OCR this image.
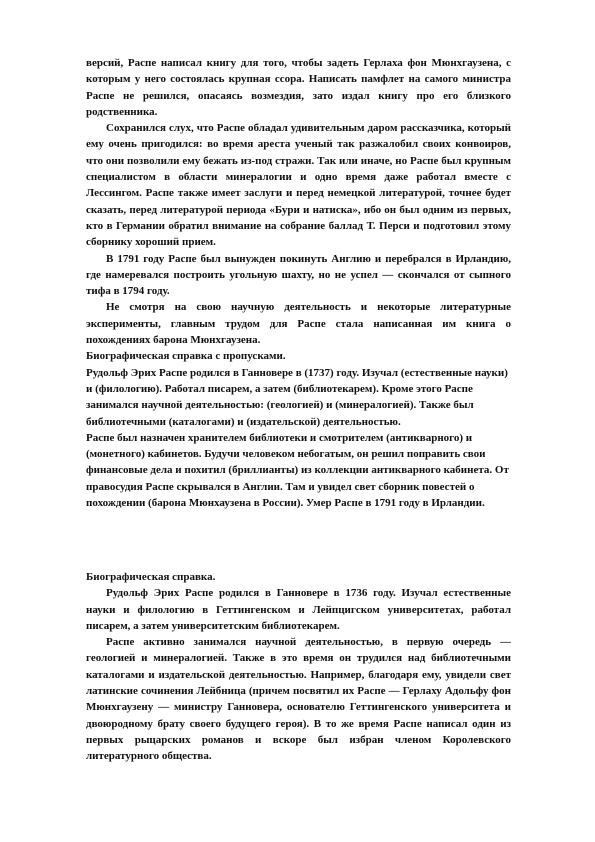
версий, Распе написал книгу для того, чтобы задеть Герлаха фон Мюнхгаузена, с которым у него состоялась крупная ссора. Написать памфлет на самого министра Распе не решился, опасаясь возмездия, зато издал книгу про его близкого родственника.

Сохранился слух, что Распе обладал удивительным даром рассказчика, который ему очень пригодился: во время ареста ученый так разжалобил своих конвоиров, что они позволили ему бежать из-под стражи. Так или иначе, но Распе был крупным специалистом в области минералогии и одно время даже работал вместе с Лессингом. Распе также имеет заслуги и перед немецкой литературой, точнее будет сказать, перед литературой периода «Бури и натиска», ибо он был одним из первых, кто в Германии обратил внимание на собрание баллад Т. Перси и подготовил этому сборнику хороший прием.

В 1791 году Распе был вынужден покинуть Англию и перебрался в Ирландию, где намеревался построить угольную шахту, но не успел — скончался от сыпного тифа в 1794 году.

Не смотря на свою научную деятельность и некоторые литературные эксперименты, главным трудом для Распе стала написанная им книга о похождениях барона Мюнхгаузена.

Биографическая справка с пропусками.

Рудольф Эрих Распе родился в Ганновере в (1737) году. Изучал (естественные науки) и (филологию). Работал писарем, а затем (библиотекарем). Кроме этого Распе занимался научной деятельностью: (геологией) и (минералогией). Также был библиотечными (каталогами) и (издательской) деятельностью.

Распе был назначен хранителем библиотеки и смотрителем (антикварного) и (монетного) кабинетов. Будучи человеком небогатым, он решил поправить свои финансовые дела и похитил (бриллианты) из коллекции антикварного кабинета. От правосудия Распе скрывался в Англии. Там и увидел свет сборник повестей о похождении (барона Мюнхаузена в России). Умер Распе в 1791 году в Ирландии.

Биографическая справка.

Рудольф Эрих Распе родился в Ганновере в 1736 году. Изучал естественные науки и филологию в Геттингенском и Лейпцигском университетах, работал писарем, а затем университетским библиотекарем.

Распе активно занимался научной деятельностью, в первую очередь — геологией и минералогией. Также в это время он трудился над библиотечными каталогами и издательской деятельностью. Например, благодаря ему, увидели свет латинские сочинения Лейбница (причем посвятил их Распе — Герлаху Адольфу фон Мюнхгаузену — министру Ганновера, основателю Геттингенского университета и двоюродному брату своего будущего героя). В то же время Распе написал один из первых рыцарских романов и вскоре был избран членом Королевского литературного общества.
